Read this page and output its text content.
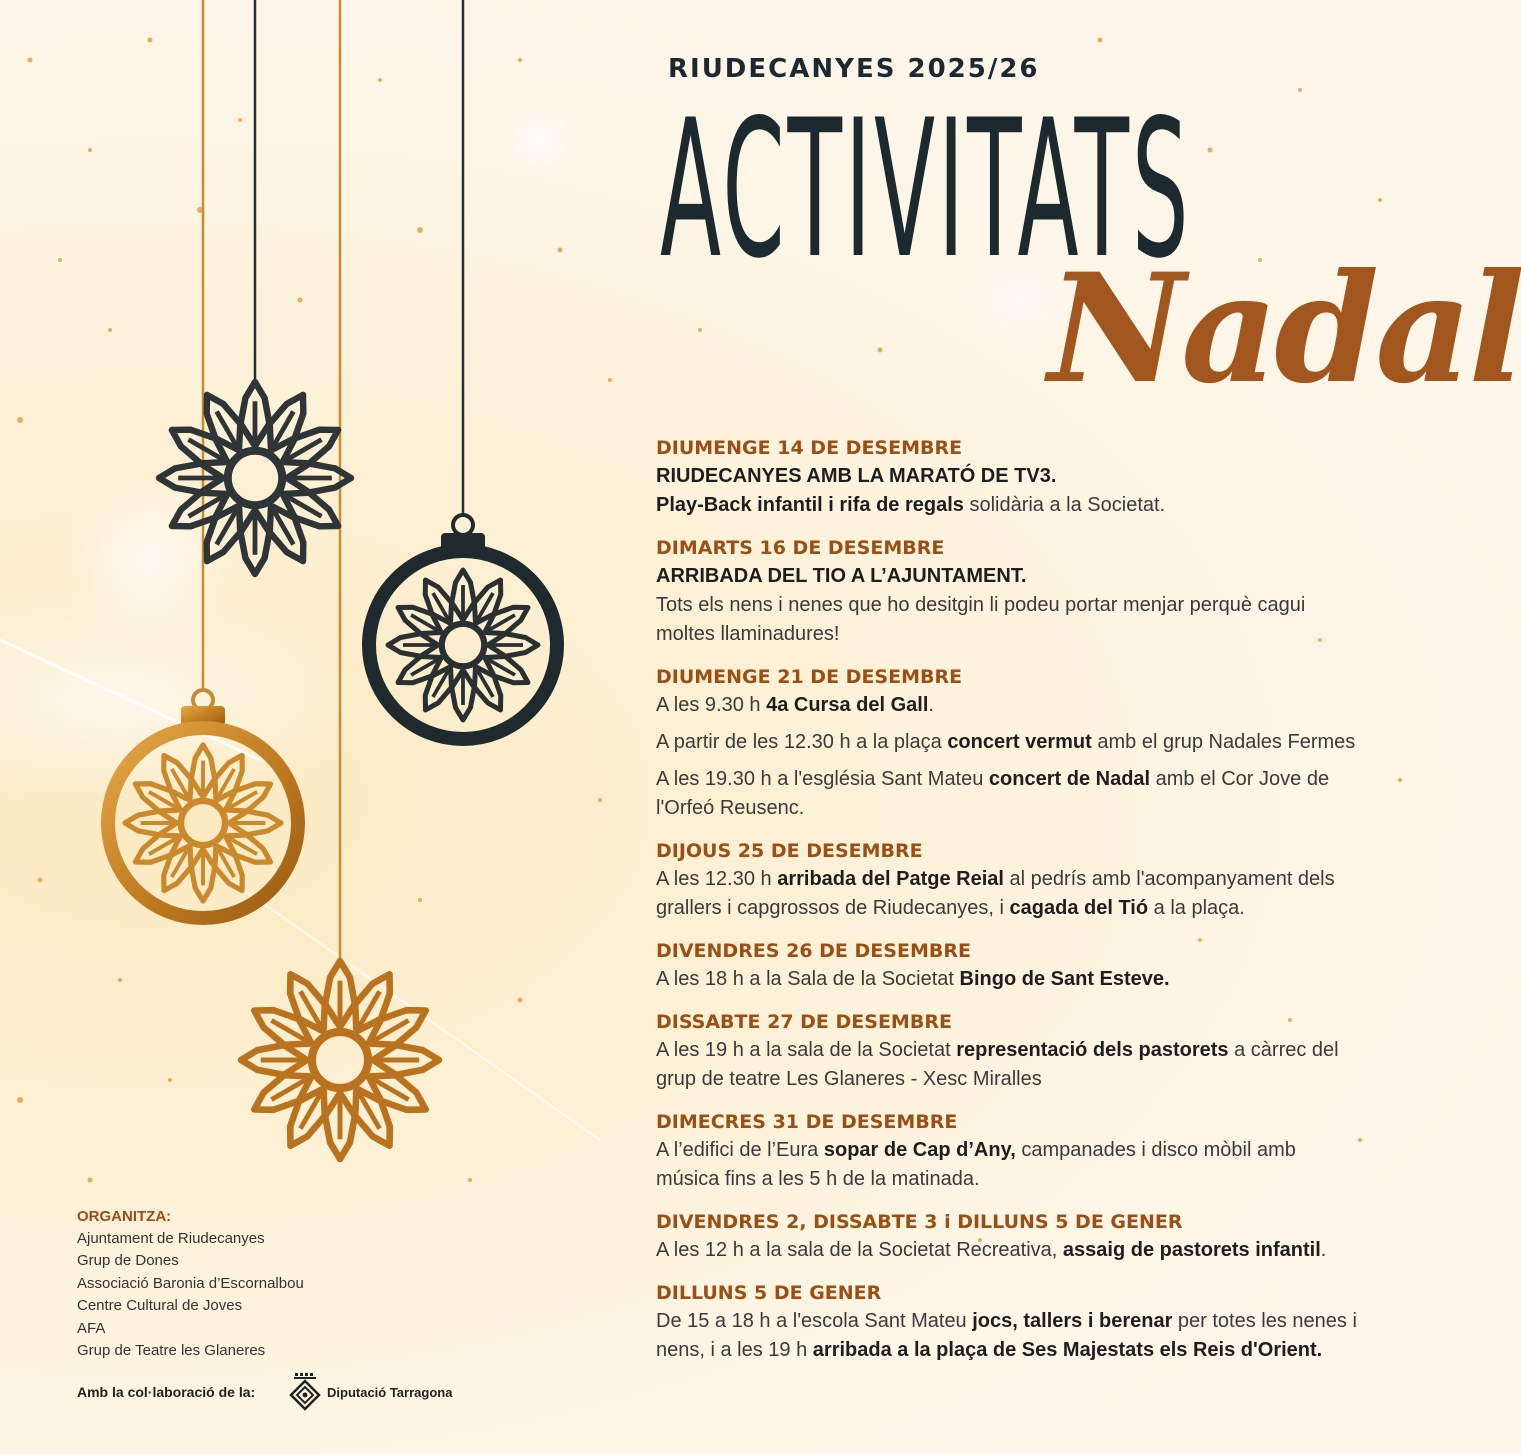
RIUDECANYES 2025/26
ACTIVITATS
Nadal
DIUMENGE 14 DE DESEMBRE
RIUDECANYES AMB LA MARATÓ DE TV3.
Play-Back infantil i rifa de regals solidària a la Societat.
DIMARTS 16 DE DESEMBRE
ARRIBADA DEL TIO A L’AJUNTAMENT.
Tots els nens i nenes que ho desitgin li podeu portar menjar perquè cagui moltes llaminadures!
DIUMENGE 21 DE DESEMBRE
A les 9.30 h 4a Cursa del Gall.
A partir de les 12.30 h a la plaça concert vermut amb el grup Nadales Fermes
A les 19.30 h a l'església Sant Mateu concert de Nadal amb el Cor Jove de l'Orfeó Reusenc.
DIJOUS 25 DE DESEMBRE
A les 12.30 h arribada del Patge Reial al pedrís amb l'acompanyament dels grallers i capgrossos de Riudecanyes, i cagada del Tió a la plaça.
DIVENDRES 26 DE DESEMBRE
A les 18 h a la Sala de la Societat Bingo de Sant Esteve.
DISSABTE 27 DE DESEMBRE
A les 19 h a la sala de la Societat representació dels pastorets a càrrec del grup de teatre Les Glaneres - Xesc Miralles
DIMECRES 31 DE DESEMBRE
A l’edifici de l’Eura sopar de Cap d’Any, campanades i disco mòbil amb música fins a les 5 h de la matinada.
DIVENDRES 2, DISSABTE 3 i DILLUNS 5 DE GENER
A les 12 h a la sala de la Societat Recreativa, assaig de pastorets infantil.
DILLUNS 5 DE GENER
De 15 a 18 h a l'escola Sant Mateu jocs, tallers i berenar per totes les nenes i nens, i a les 19 h arribada a la plaça de Ses Majestats els Reis d'Orient.
ORGANITZA:
Ajuntament de Riudecanyes
Grup de Dones
Associació Baronia d’Escornalbou
Centre Cultural de Joves
AFA
Grup de Teatre les Glaneres
Amb la col·laboració de la:	Diputació Tarragona
